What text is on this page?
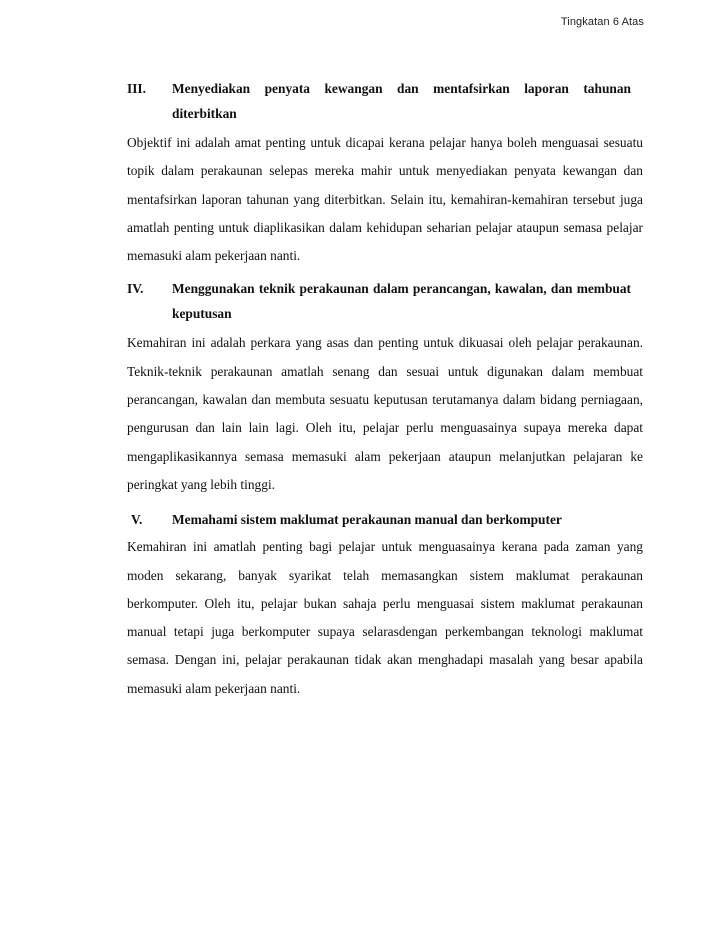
Tingkatan 6 Atas
III.	Menyediakan penyata kewangan dan mentafsirkan laporan tahunan diterbitkan

Objektif ini adalah amat penting untuk dicapai kerana pelajar hanya boleh menguasai sesuatu topik dalam perakaunan selepas mereka mahir untuk menyediakan penyata kewangan dan mentafsirkan laporan tahunan yang diterbitkan. Selain itu, kemahiran-kemahiran tersebut juga amatlah penting untuk diaplikasikan dalam kehidupan seharian pelajar ataupun semasa pelajar memasuki alam pekerjaan nanti.

IV.	Menggunakan teknik perakaunan dalam perancangan, kawalan, dan membuat keputusan

Kemahiran ini adalah perkara yang asas dan penting untuk dikuasai oleh pelajar perakaunan. Teknik-teknik perakaunan amatlah senang dan sesuai untuk digunakan dalam membuat perancangan, kawalan dan membuta sesuatu keputusan terutamanya dalam bidang perniagaan, pengurusan dan lain lain lagi. Oleh itu, pelajar perlu menguasainya supaya mereka dapat mengaplikasikannya semasa memasuki alam pekerjaan ataupun melanjutkan pelajaran ke peringkat yang lebih tinggi.

V.	Memahami sistem maklumat perakaunan manual dan berkomputer

Kemahiran ini amatlah penting bagi pelajar untuk menguasainya kerana pada zaman yang moden sekarang, banyak syarikat telah memasangkan sistem maklumat perakaunan berkomputer. Oleh itu, pelajar bukan sahaja perlu menguasai sistem maklumat perakaunan manual tetapi juga berkomputer supaya selarasdengan perkembangan teknologi maklumat semasa. Dengan ini, pelajar perakaunan tidak akan menghadapi masalah yang besar apabila memasuki alam pekerjaan nanti.
